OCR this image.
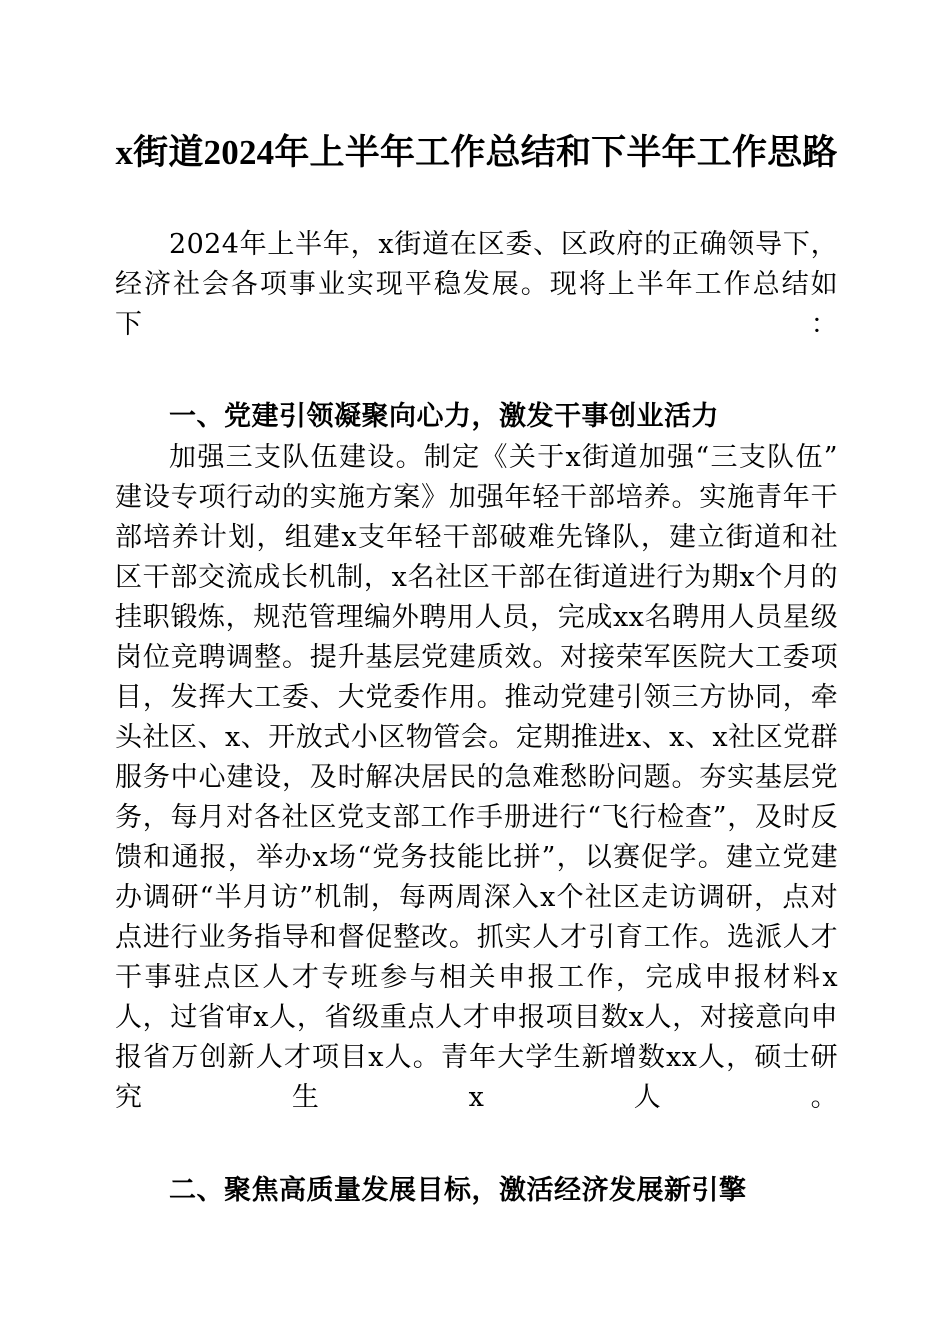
x街道2024年上半年工作总结和下半年工作思路

2024年上半年，x街道在区委、区政府的正确领导下，经济社会各项事业实现平稳发展。现将上半年工作总结如下：

一、党建引领凝聚向心力，激发干事创业活力

加强三支队伍建设。制定《关于x街道加强“三支队伍”建设专项行动的实施方案》加强年轻干部培养。实施青年干部培养计划，组建x支年轻干部破难先锋队，建立街道和社区干部交流成长机制，x名社区干部在街道进行为期x个月的挂职锻炼，规范管理编外聘用人员，完成xx名聘用人员星级岗位竞聘调整。提升基层党建质效。对接荣军医院大工委项目，发挥大工委、大党委作用。推动党建引领三方协同，牵头社区、x、开放式小区物管会。定期推进x、x、x社区党群服务中心建设，及时解决居民的急难愁盼问题。夯实基层党务，每月对各社区党支部工作手册进行“飞行检查”，及时反馈和通报，举办x场“党务技能比拼”，以赛促学。建立党建办调研“半月访”机制，每两周深入x个社区走访调研，点对点进行业务指导和督促整改。抓实人才引育工作。选派人才干事驻点区人才专班参与相关申报工作，完成申报材料x人，过省审x人，省级重点人才申报项目数x人，对接意向申报省万创新人才项目x人。青年大学生新增数xx人，硕士研究生x人。

二、聚焦高质量发展目标，激活经济发展新引擎
